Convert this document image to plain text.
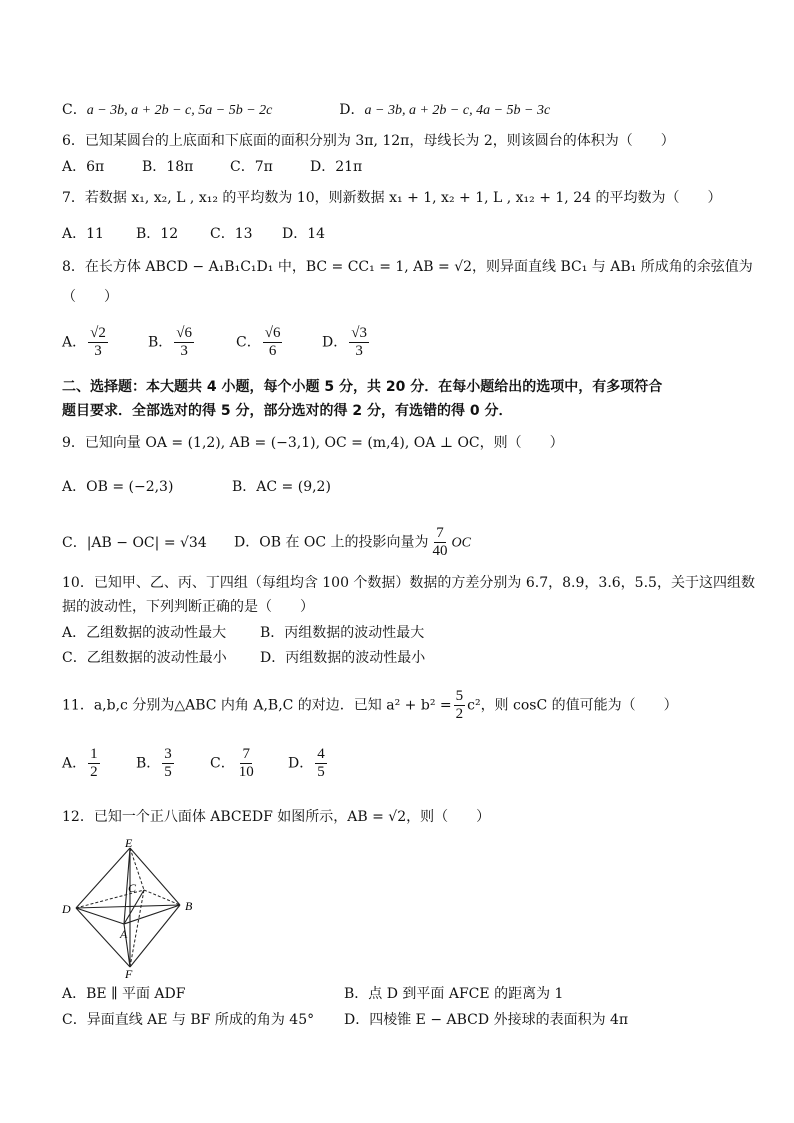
C．a − 3b, a + 2b − c, 5a − 5b − 2c	D．a − 3b, a + 2b − c, 4a − 5b − 3c
6．已知某圆台的上底面和下底面的面积分别为 3π, 12π，母线长为 2，则该圆台的体积为（　　）
A．6π	B．18π	C．7π	D．21π
7．若数据 x₁, x₂, L , x₁₂ 的平均数为 10，则新数据 x₁ + 1, x₂ + 1, L , x₁₂ + 1, 24 的平均数为（　　）
A．11 B．12 C．13 D．14
8．在长方体 ABCD − A₁B₁C₁D₁ 中，BC = CC₁ = 1, AB = √2，则异面直线 BC₁ 与 AB₁ 所成角的余弦值为
（　　）
A． $\frac{√2}{3}$	B． $\frac{√6}{3}$	C． $\frac{√6}{6}$	D． $\frac{√3}{3}$
二、选择题：本大题共 4 小题，每个小题 5 分，共 20 分．在每小题给出的选项中，有多项符合
题目要求．全部选对的得 5 分，部分选对的得 2 分，有选错的得 0 分．
9．已知向量 OA = (1,2), AB = (−3,1), OC = (m,4), OA ⊥ OC，则（　　）
A．OB = (−2,3)	B．AC = (9,2)
C．|AB − OC| = √34 D．OB 在 OC 上的投影向量为 $\frac{7}{40}$ OC
10．已知甲、乙、丙、丁四组（每组均含 100 个数据）数据的方差分别为 6.7，8.9，3.6，5.5，关于这四组数
据的波动性，下列判断正确的是（　　）
A．乙组数据的波动性最大 B．丙组数据的波动性最大
C．乙组数据的波动性最小 D．丙组数据的波动性最小
11．a,b,c 分别为△ABC 内角 A,B,C 的对边．已知 $a^2 + b^2 = \frac{5}{2} c^2$，则 cosC 的值可能为（　　）
A． $\frac{1}{2}$	B． $\frac{3}{5}$	C． $\frac{7}{10}$ D． $\frac{4}{5}$
12．已知一个正八面体 ABCEDF 如图所示，AB = √2，则（　　）
E
C
D	B
A
F
A．BE ∥ 平面 ADF	B．点 D 到平面 AFCE 的距离为 1
C．异面直线 AE 与 BF 所成的角为 45° D．四棱锥 E − ABCD 外接球的表面积为 4π
